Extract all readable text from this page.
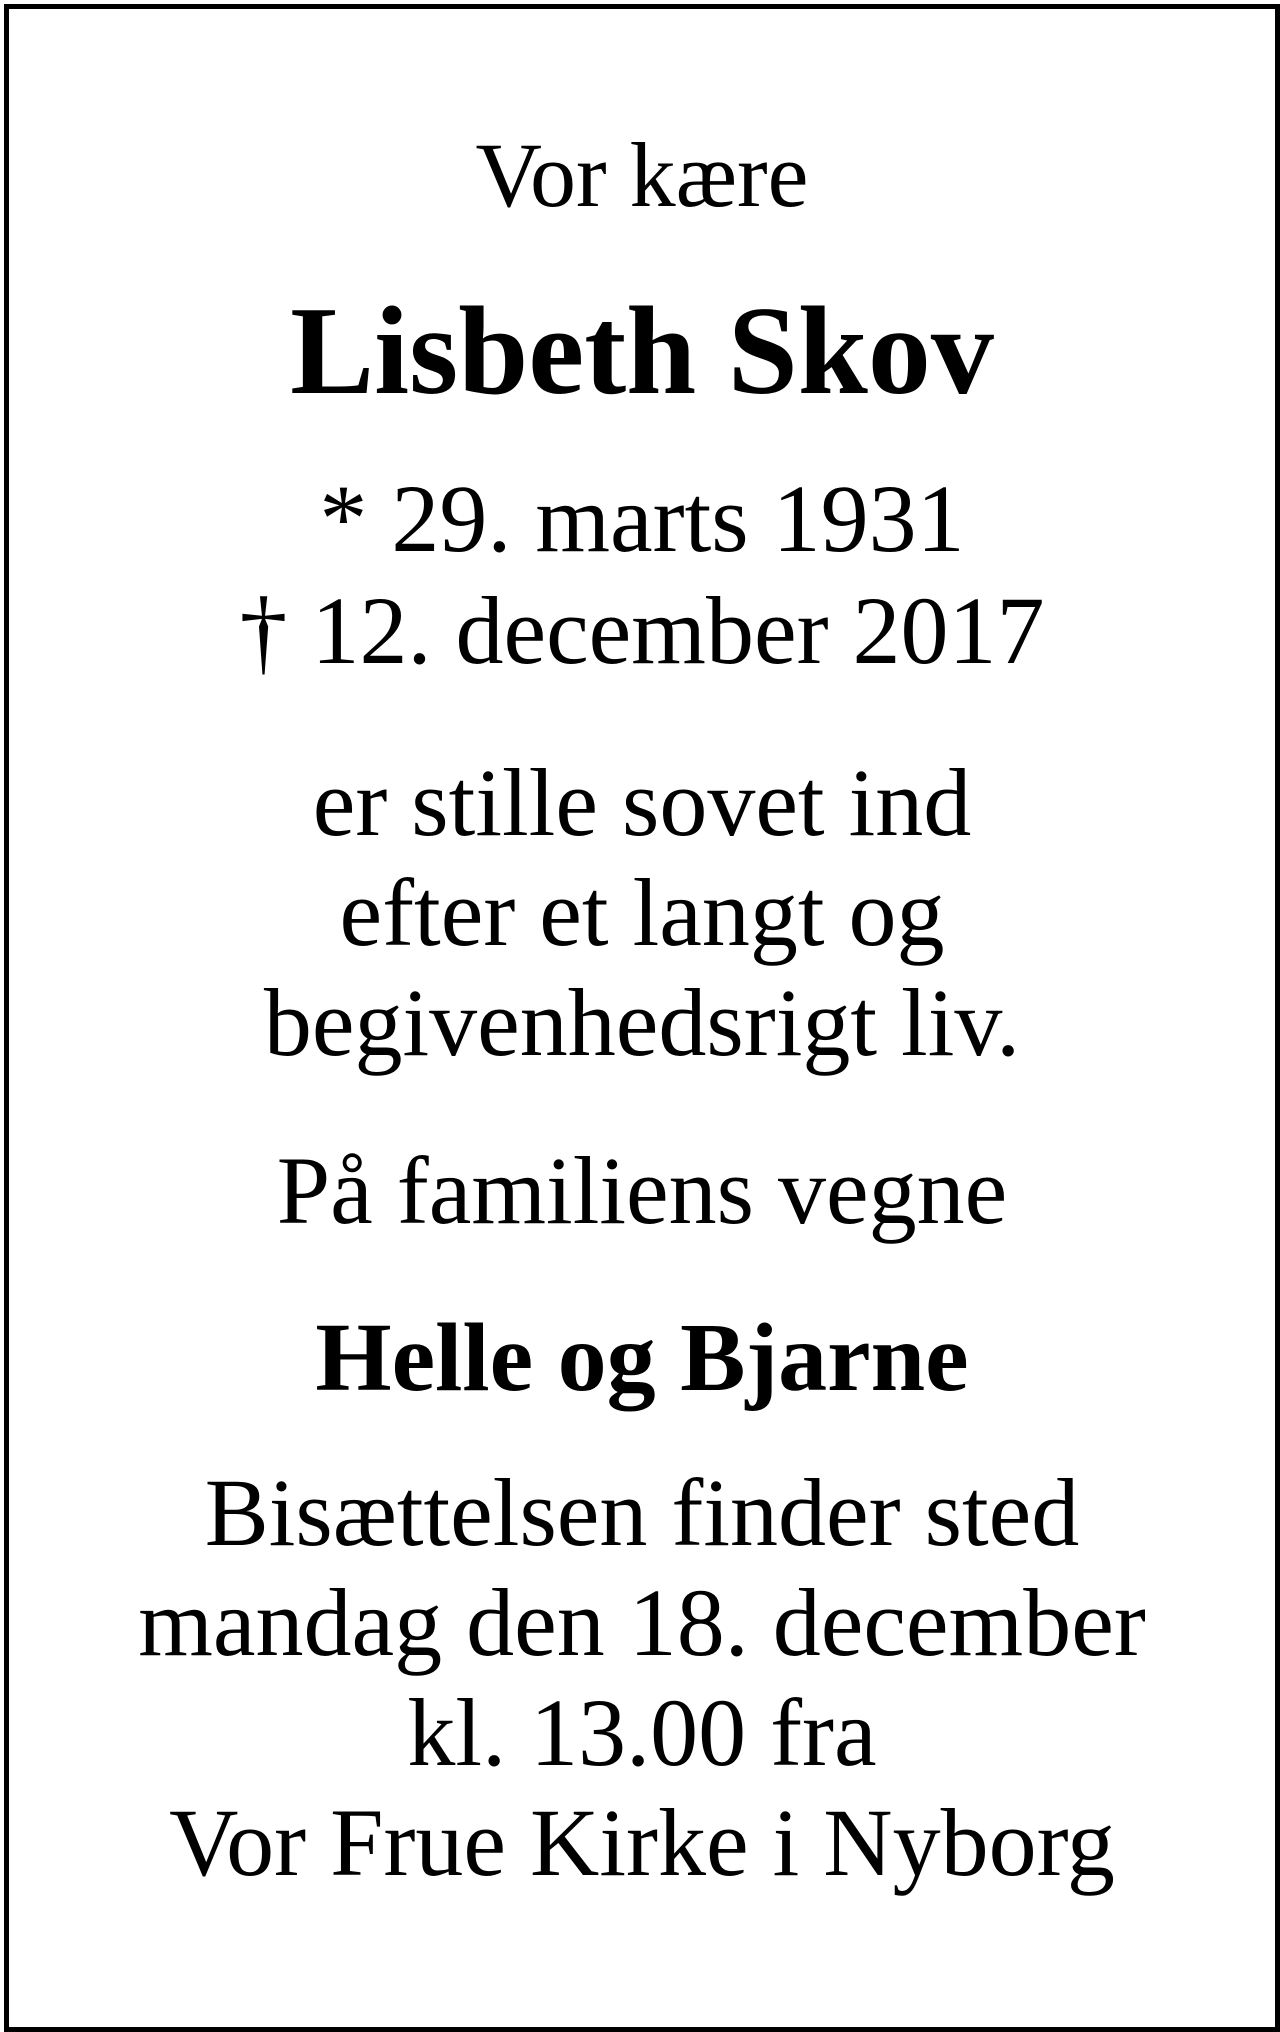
Vor kære
Lisbeth Skov
* 29. marts 1931
† 12. december 2017
er stille sovet ind
efter et langt og
begivenhedsrigt liv.
På familiens vegne
Helle og Bjarne
Bisættelsen finder sted
mandag den 18. december
kl. 13.00 fra
Vor Frue Kirke i Nyborg
